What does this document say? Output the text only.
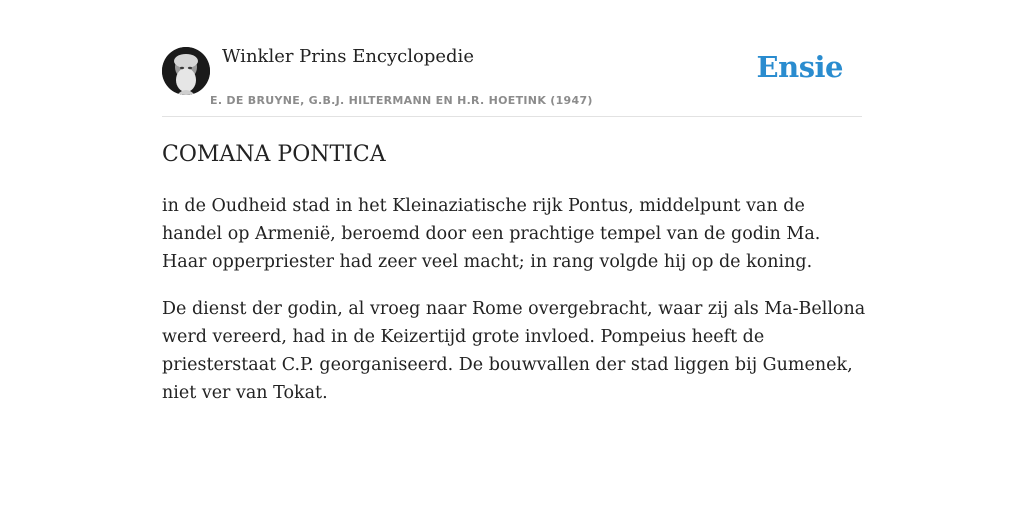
Winkler Prins Encyclopedie
E. DE BRUYNE, G.B.J. HILTERMANN EN H.R. HOETINK (1947)
Ensie
COMANA PONTICA

in de Oudheid stad in het Kleinaziatische rijk Pontus, middelpunt van de handel op Armenië, beroemd door een prachtige tempel van de godin Ma. Haar opperpriester had zeer veel macht; in rang volgde hij op de koning.

De dienst der godin, al vroeg naar Rome overgebracht, waar zij als Ma-Bellona werd vereerd, had in de Keizertijd grote invloed. Pompeius heeft de priesterstaat C.P. georganiseerd. De bouwvallen der stad liggen bij Gumenek, niet ver van Tokat.
